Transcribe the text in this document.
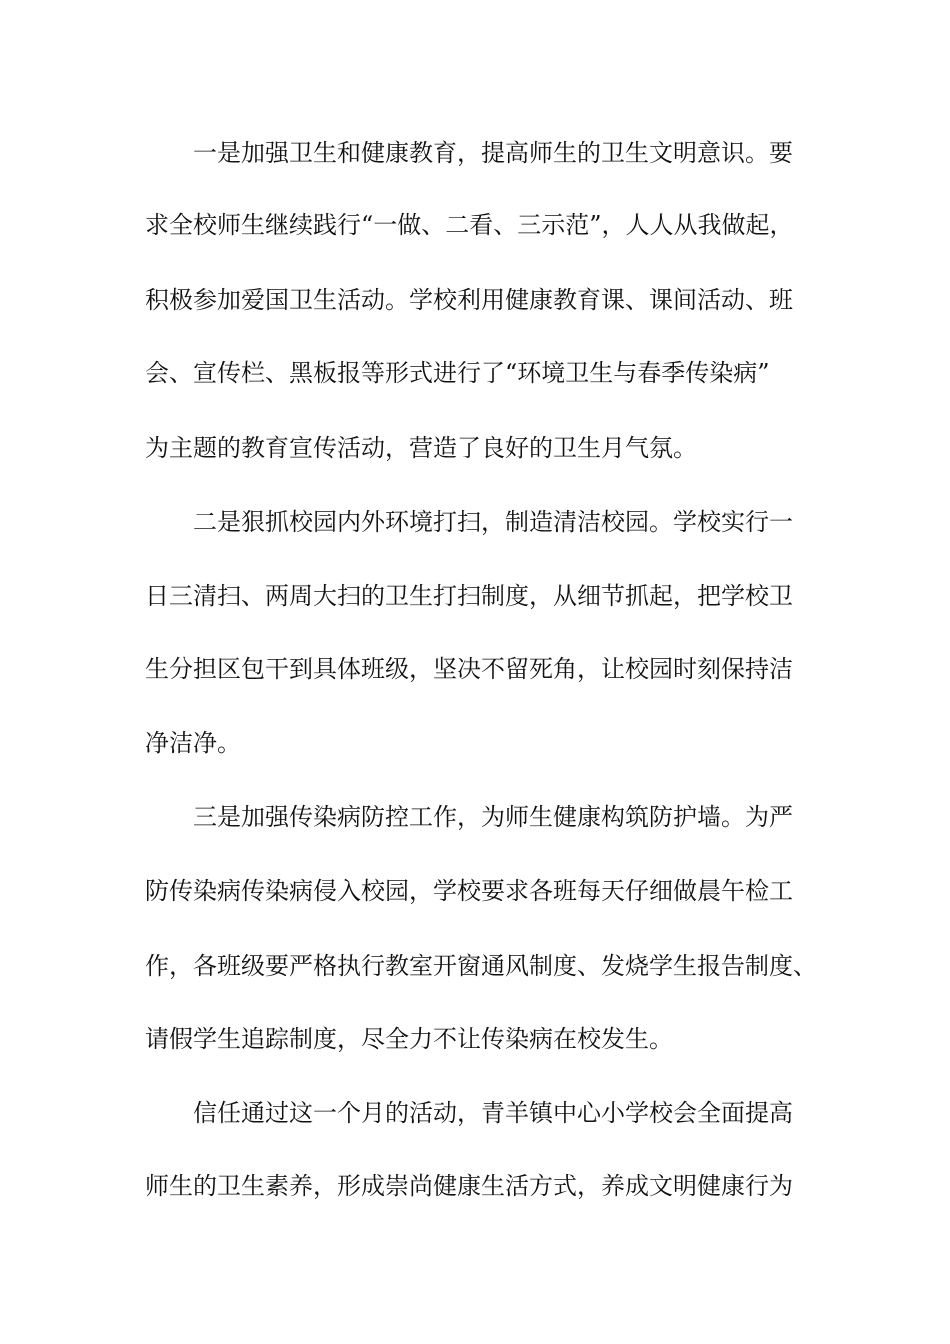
一是加强卫生和健康教育，提高师生的卫生文明意识。要
求全校师生继续践行“一做、二看、三示范”，人人从我做起，
积极参加爱国卫生活动。学校利用健康教育课、课间活动、班
会、宣传栏、黑板报等形式进行了“环境卫生与春季传染病”
为主题的教育宣传活动，营造了良好的卫生月气氛。
二是狠抓校园内外环境打扫，制造清洁校园。学校实行一
日三清扫、两周大扫的卫生打扫制度，从细节抓起，把学校卫
生分担区包干到具体班级，坚决不留死角，让校园时刻保持洁
净洁净。
三是加强传染病防控工作，为师生健康构筑防护墙。为严
防传染病传染病侵入校园，学校要求各班每天仔细做晨午检工
作，各班级要严格执行教室开窗通风制度、发烧学生报告制度、
请假学生追踪制度，尽全力不让传染病在校发生。
信任通过这一个月的活动，青羊镇中心小学校会全面提高
师生的卫生素养，形成崇尚健康生活方式，养成文明健康行为
